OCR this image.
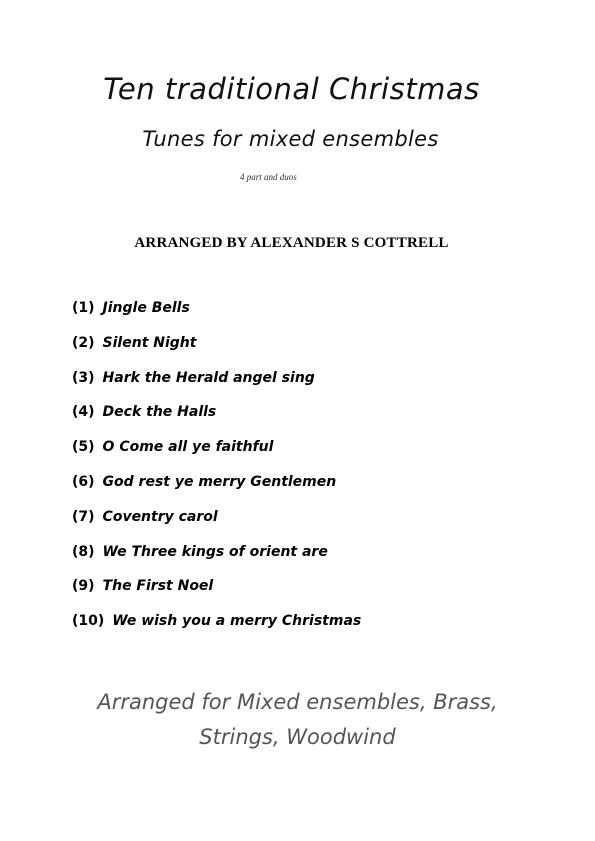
Ten traditional Christmas
Tunes for mixed ensembles
4 part and duos
ARRANGED BY ALEXANDER S COTTRELL
(1) Jingle Bells
(2) Silent Night
(3) Hark the Herald angel sing
(4) Deck the Halls
(5) O Come all ye faithful
(6) God rest ye merry Gentlemen
(7) Coventry carol
(8) We Three kings of orient are
(9) The First Noel
(10) We wish you a merry Christmas
Arranged for Mixed ensembles, Brass,
Strings, Woodwind
